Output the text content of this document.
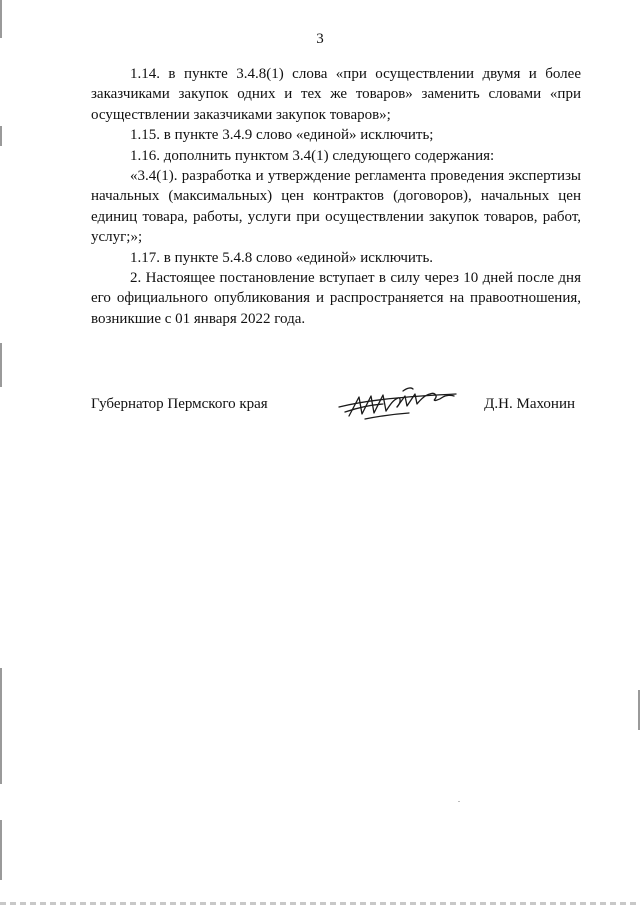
3

1.14. в пункте 3.4.8(1) слова «при осуществлении двумя и более заказчиками закупок одних и тех же товаров» заменить словами «при осуществлении заказчиками закупок товаров»;

1.15. в пункте 3.4.9 слово «единой» исключить;

1.16. дополнить пунктом 3.4(1) следующего содержания:

«3.4(1). разработка и утверждение регламента проведения экспертизы начальных (максимальных) цен контрактов (договоров), начальных цен единиц товара, работы, услуги при осуществлении закупок товаров, работ, услуг;»;

1.17. в пункте 5.4.8 слово «единой» исключить.

2. Настоящее постановление вступает в силу через 10 дней после дня его официального опубликования и распространяется на правоотношения, возникшие с 01 января 2022 года.

Губернатор Пермского края	Д.Н. Махонин
